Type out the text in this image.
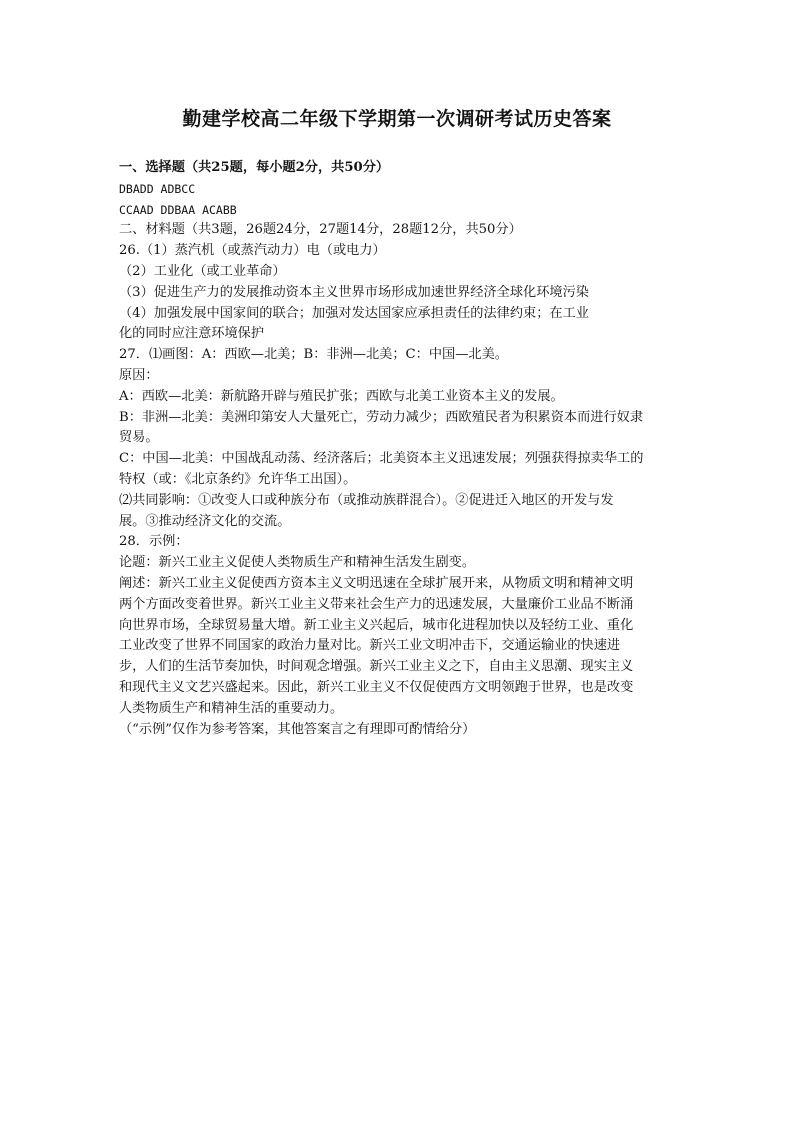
勤建学校高二年级下学期第一次调研考试历史答案
一、选择题（共25题，每小题2分，共50分）
DBADD ADBCC
CCAAD DDBAA ACABB
二、材料题（共3题，26题24分，27题14分，28题12分，共50分）
26.（1）蒸汽机（或蒸汽动力）电（或电力）
（2）工业化（或工业革命）
（3）促进生产力的发展推动资本主义世界市场形成加速世界经济全球化环境污染
（4）加强发展中国家间的联合；加强对发达国家应承担责任的法律约束；在工业
化的同时应注意环境保护
27．⑴画图：A：西欧—北美；B：非洲—北美；C：中国—北美。
原因：
A：西欧—北美：新航路开辟与殖民扩张；西欧与北美工业资本主义的发展。
B：非洲—北美：美洲印第安人大量死亡，劳动力减少；西欧殖民者为积累资本而进行奴隶
贸易。
C：中国—北美：中国战乱动荡、经济落后；北美资本主义迅速发展；列强获得掠卖华工的
特权（或：《北京条约》允许华工出国）。
⑵共同影响：①改变人口或种族分布（或推动族群混合）。②促进迁入地区的开发与发
展。③推动经济文化的交流。
28．示例：
论题：新兴工业主义促使人类物质生产和精神生活发生剧变。
阐述：新兴工业主义促使西方资本主义文明迅速在全球扩展开来，从物质文明和精神文明
两个方面改变着世界。新兴工业主义带来社会生产力的迅速发展，大量廉价工业品不断涌
向世界市场，全球贸易量大增。新工业主义兴起后，城市化进程加快以及轻纺工业、重化
工业改变了世界不同国家的政治力量对比。新兴工业文明冲击下，交通运输业的快速进
步，人们的生活节奏加快，时间观念增强。新兴工业主义之下，自由主义思潮、现实主义
和现代主义文艺兴盛起来。因此，新兴工业主义不仅促使西方文明领跑于世界，也是改变
人类物质生产和精神生活的重要动力。
（“示例”仅作为参考答案，其他答案言之有理即可酌情给分）
